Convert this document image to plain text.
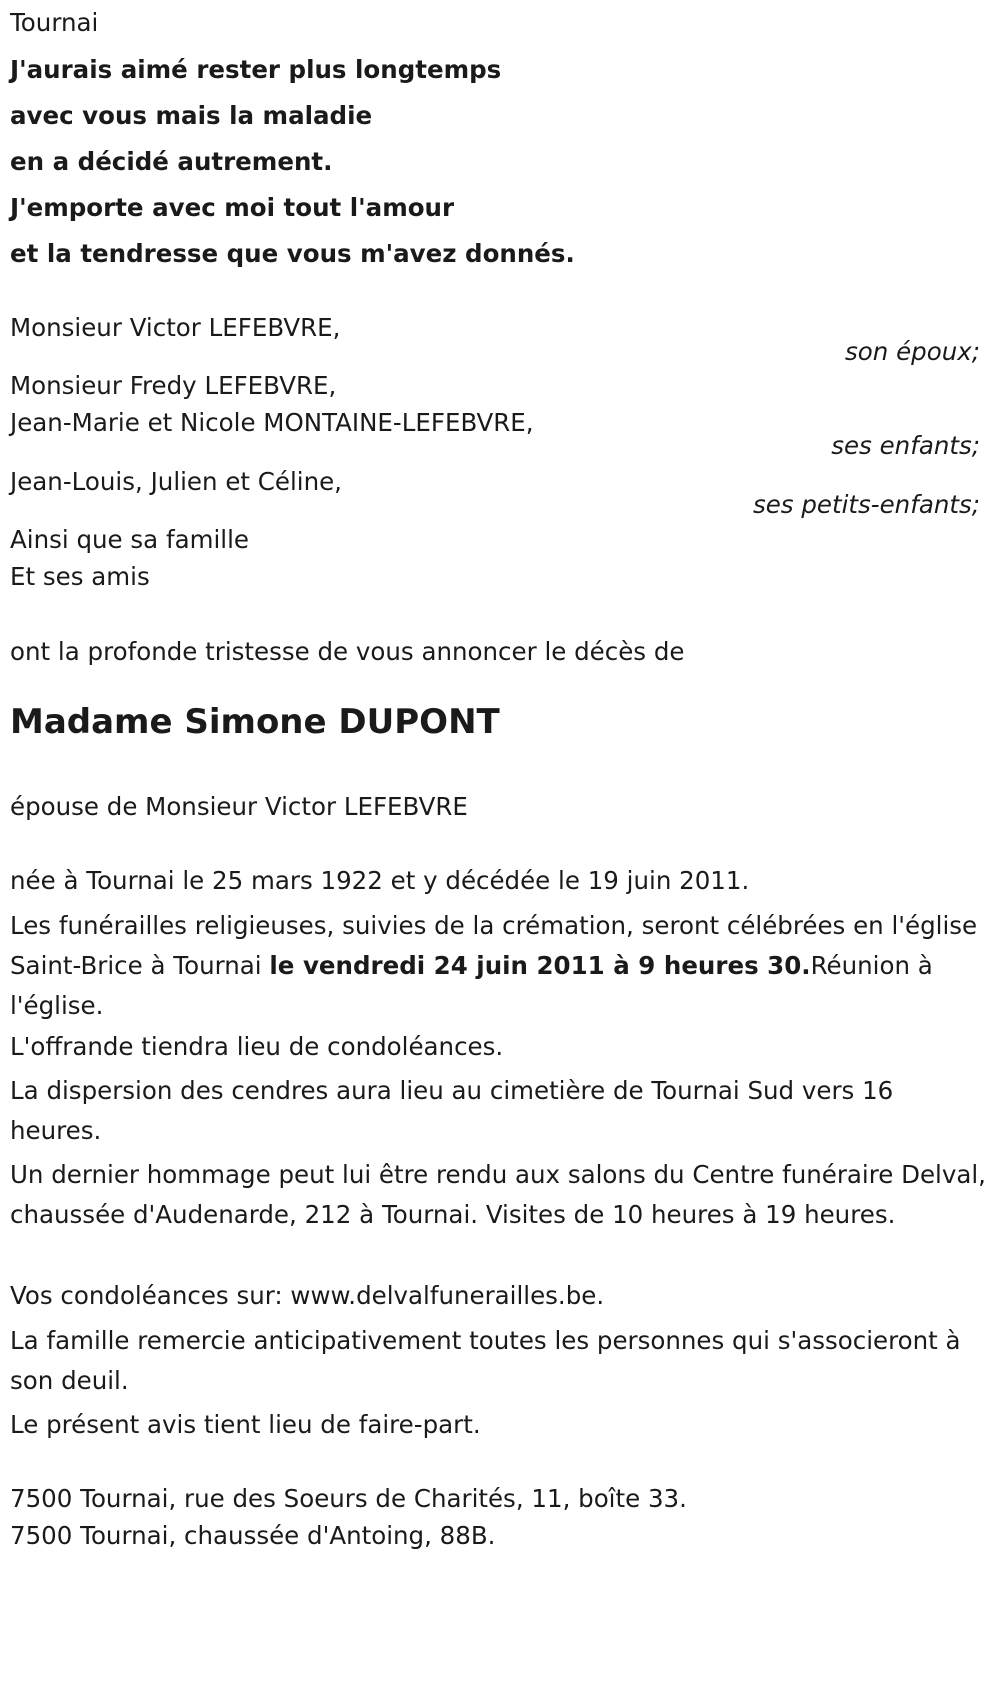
Tournai
J'aurais aimé rester plus longtemps
avec vous mais la maladie
en a décidé autrement.
J'emporte avec moi tout l'amour
et la tendresse que vous m'avez donnés.
Monsieur Victor LEFEBVRE,
son époux;
Monsieur Fredy LEFEBVRE,
Jean-Marie et Nicole MONTAINE-LEFEBVRE,
ses enfants;
Jean-Louis, Julien et Céline,
ses petits-enfants;
Ainsi que sa famille
Et ses amis
ont la profonde tristesse de vous annoncer le décès de
Madame Simone DUPONT
épouse de Monsieur Victor LEFEBVRE
née à Tournai le 25 mars 1922 et y décédée le 19 juin 2011.
Les funérailles religieuses, suivies de la crémation, seront célébrées en l'église Saint-Brice à Tournai le vendredi 24 juin 2011 à 9 heures 30.Réunion à l'église.
L'offrande tiendra lieu de condoléances.
La dispersion des cendres aura lieu au cimetière de Tournai Sud vers 16 heures.
Un dernier hommage peut lui être rendu aux salons du Centre funéraire Delval, chaussée d'Audenarde, 212 à Tournai. Visites de 10 heures à 19 heures.
Vos condoléances sur: www.delvalfunerailles.be.
La famille remercie anticipativement toutes les personnes qui s'associeront à son deuil.
Le présent avis tient lieu de faire-part.
7500 Tournai, rue des Soeurs de Charités, 11, boîte 33.
7500 Tournai, chaussée d'Antoing, 88B.
